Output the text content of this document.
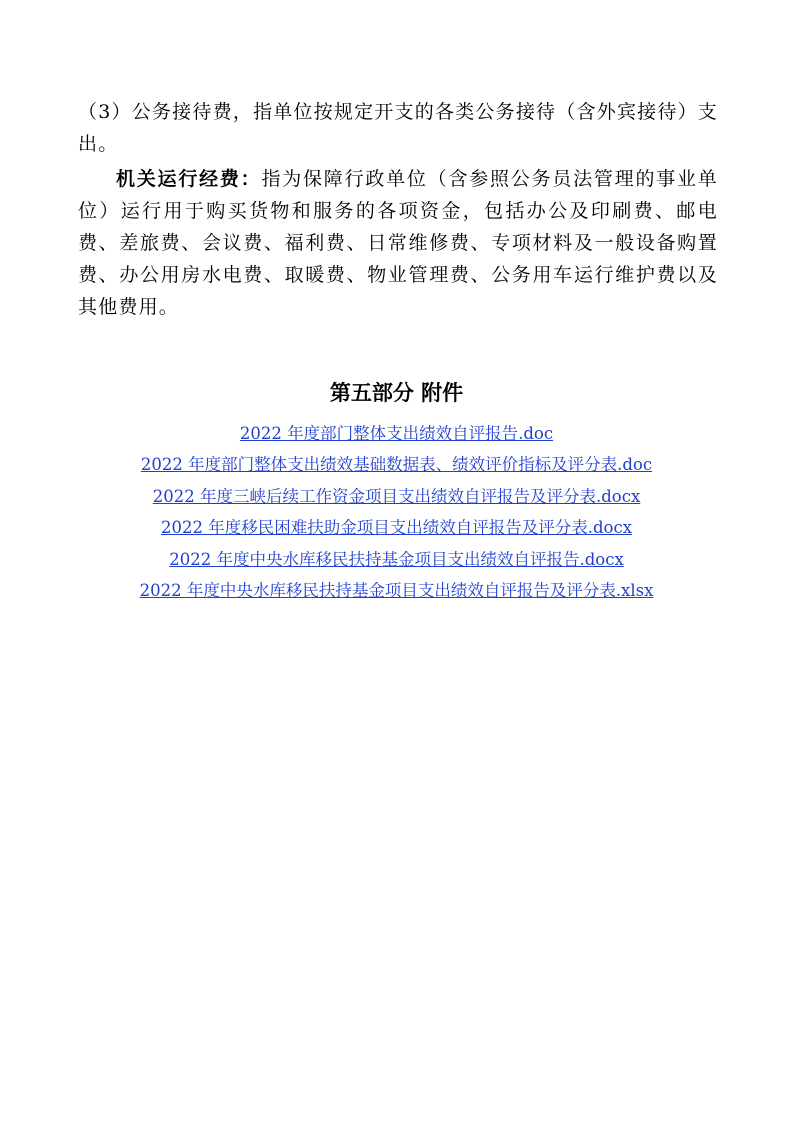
（3）公务接待费，指单位按规定开支的各类公务接待（含外宾接待）支出。

机关运行经费：指为保障行政单位（含参照公务员法管理的事业单位）运行用于购买货物和服务的各项资金，包括办公及印刷费、邮电费、差旅费、会议费、福利费、日常维修费、专项材料及一般设备购置费、办公用房水电费、取暖费、物业管理费、公务用车运行维护费以及其他费用。

第五部分 附件
2022 年度部门整体支出绩效自评报告.doc
2022 年度部门整体支出绩效基础数据表、绩效评价指标及评分表.doc
2022 年度三峡后续工作资金项目支出绩效自评报告及评分表.docx
2022 年度移民困难扶助金项目支出绩效自评报告及评分表.docx
2022 年度中央水库移民扶持基金项目支出绩效自评报告.docx
2022 年度中央水库移民扶持基金项目支出绩效自评报告及评分表.xlsx
